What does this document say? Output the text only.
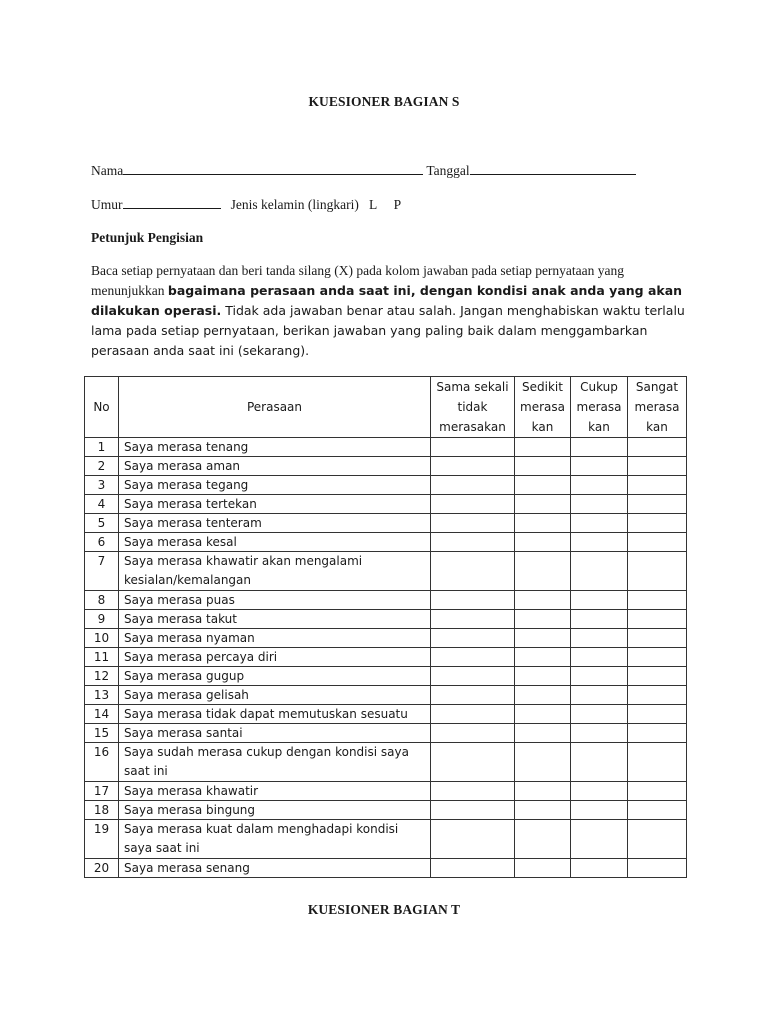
KUESIONER BAGIAN S
Nama	Tanggal
Umur	Jenis kelamin (lingkari) L P
Petunjuk Pengisian
Baca setiap pernyataan dan beri tanda silang (X) pada kolom jawaban pada setiap pernyataan yang menunjukkan bagaimana perasaan anda saat ini, dengan kondisi anak anda yang akan dilakukan operasi. Tidak ada jawaban benar atau salah. Jangan menghabiskan waktu terlalu lama pada setiap pernyataan, berikan jawaban yang paling baik dalam menggambarkan perasaan anda saat ini (sekarang).
No	Perasaan	Sama sekali tidak merasakan	Sedikit merasa kan	Cukup merasa kan	Sangat merasa kan
1	Saya merasa tenang				
2	Saya merasa aman				
3	Saya merasa tegang				
4	Saya merasa tertekan				
5	Saya merasa tenteram				
6	Saya merasa kesal				
7	Saya merasa khawatir akan mengalami kesialan/kemalangan				
8	Saya merasa puas				
9	Saya merasa takut				
10	Saya merasa nyaman				
11	Saya merasa percaya diri				
12	Saya merasa gugup				
13	Saya merasa gelisah				
14	Saya merasa tidak dapat memutuskan sesuatu				
15	Saya merasa santai				
16	Saya sudah merasa cukup dengan kondisi saya saat ini				
17	Saya merasa khawatir				
18	Saya merasa bingung				
19	Saya merasa kuat dalam menghadapi kondisi saya saat ini				
20	Saya merasa senang				
KUESIONER BAGIAN T
